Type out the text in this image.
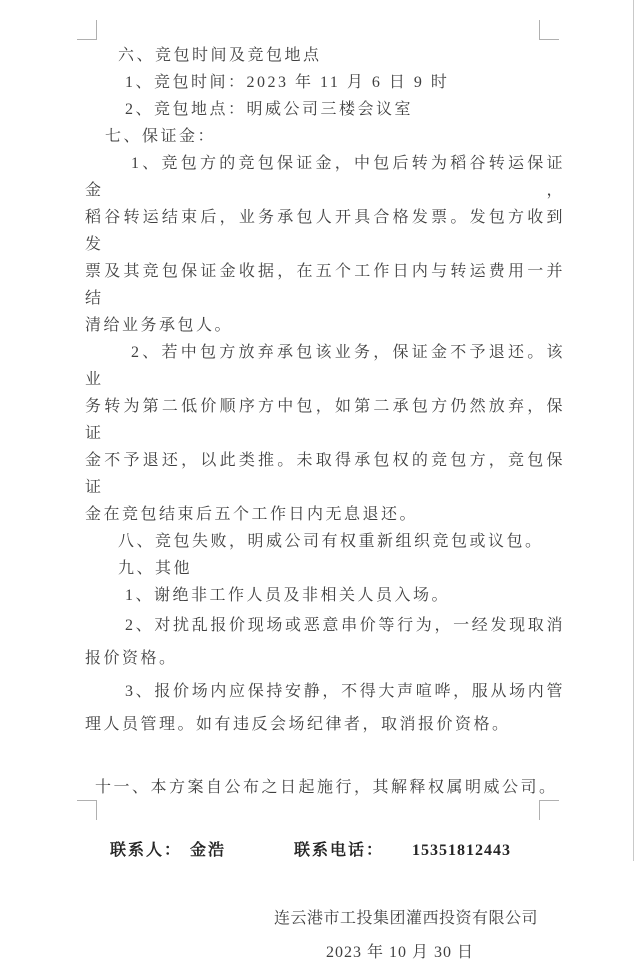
六、竞包时间及竞包地点
1、竞包时间：2023 年 11 月 6 日 9 时
2、竞包地点：明威公司三楼会议室
七、保证金：
1、竞包方的竞包保证金，中包后转为稻谷转运保证金，
稻谷转运结束后，业务承包人开具合格发票。发包方收到发
票及其竞包保证金收据，在五个工作日内与转运费用一并结
清给业务承包人。
2、若中包方放弃承包该业务，保证金不予退还。该业
务转为第二低价顺序方中包，如第二承包方仍然放弃，保证
金不予退还，以此类推。未取得承包权的竞包方，竞包保证
金在竞包结束后五个工作日内无息退还。
八、竞包失败，明威公司有权重新组织竞包或议包。
九、其他
1、谢绝非工作人员及非相关人员入场。
2、对扰乱报价现场或恶意串价等行为，一经发现取消
报价资格。
3、报价场内应保持安静，不得大声喧哗，服从场内管
理人员管理。如有违反会场纪律者，取消报价资格。
十一、本方案自公布之日起施行，其解释权属明威公司。
联系人： 金浩	联系电话： 15351812443
连云港市工投集团灌西投资有限公司
2023 年 10 月 30 日
